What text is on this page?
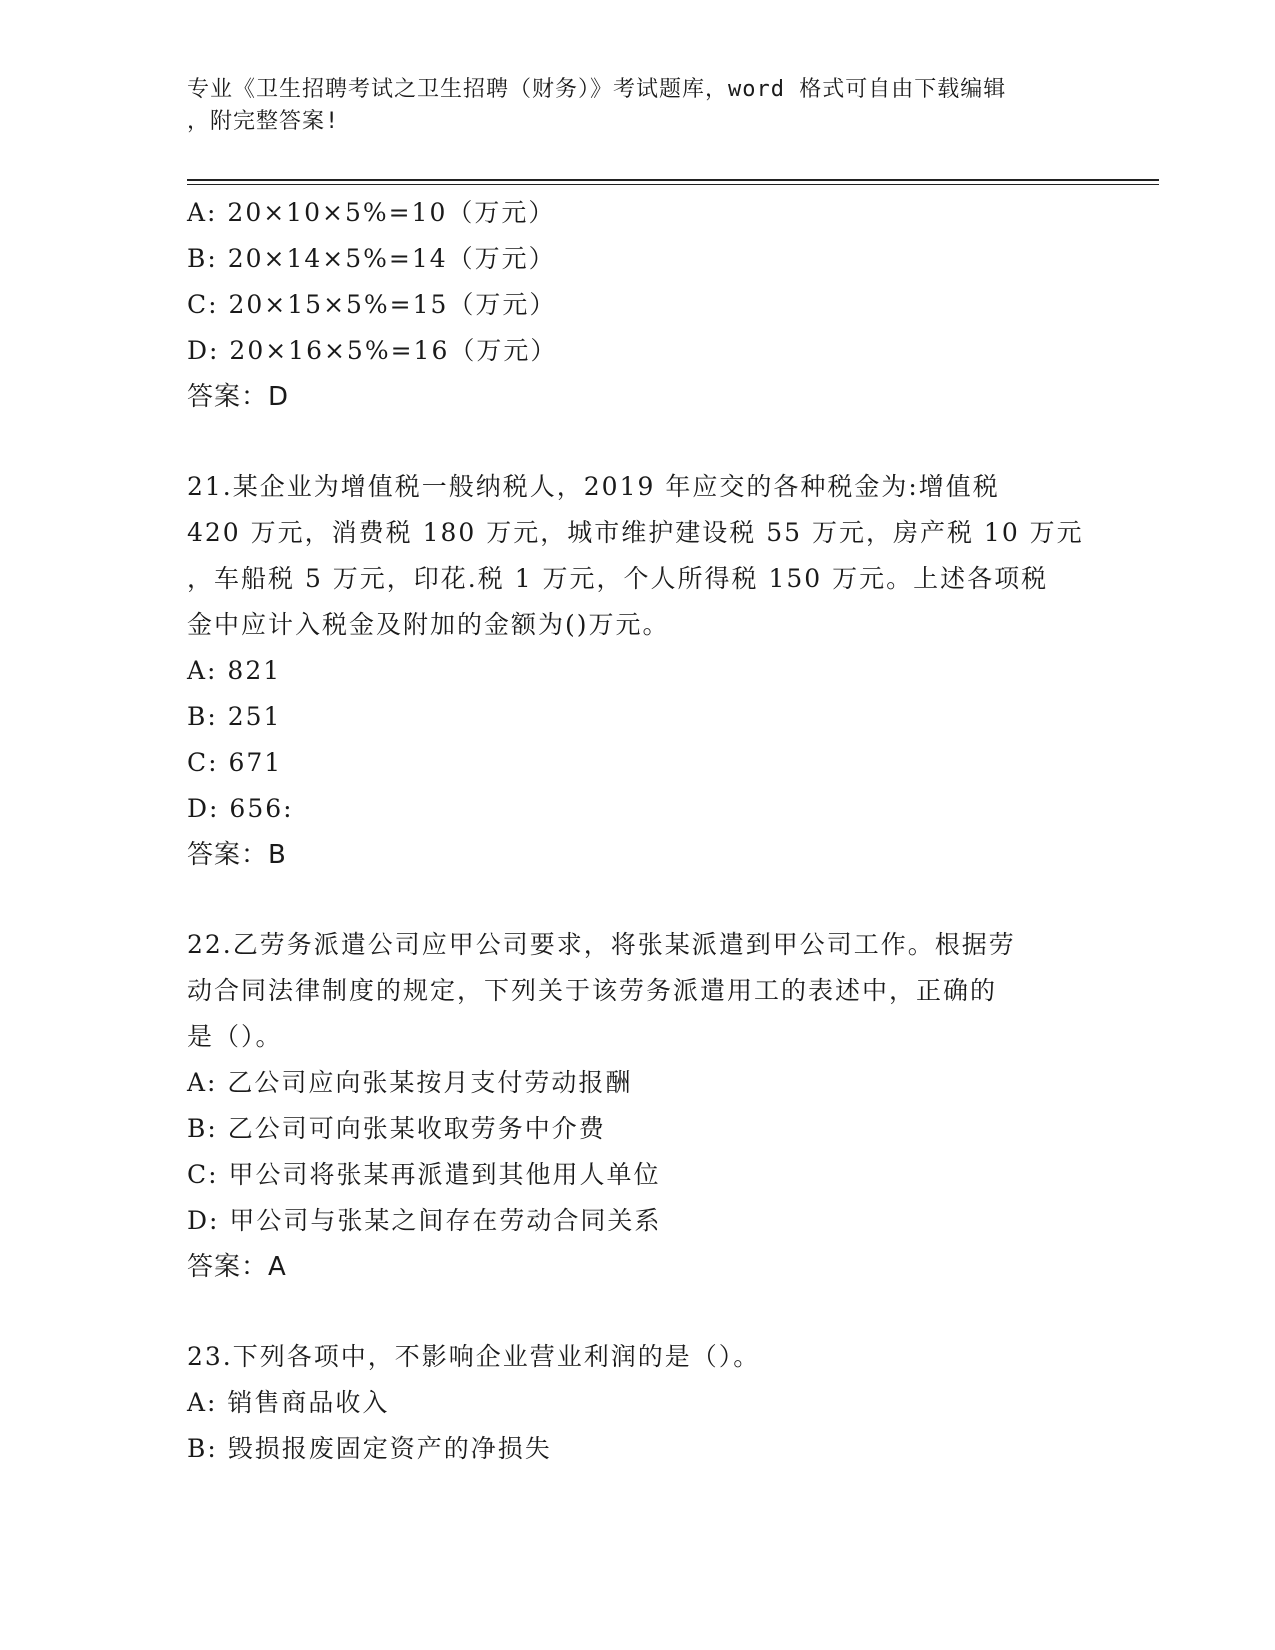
专业《卫生招聘考试之卫生招聘（财务）》考试题库，word 格式可自由下载编辑
，附完整答案!
A: 20×10×5%=10（万元）
B: 20×14×5%=14（万元）
C: 20×15×5%=15（万元）
D: 20×16×5%=16（万元）
答案：D
21.某企业为增值税一般纳税人，2019 年应交的各种税金为:增值税
420 万元，消费税 180 万元，城市维护建设税 55 万元，房产税 10 万元
，车船税 5 万元，印花.税 1 万元，个人所得税 150 万元。上述各项税
金中应计入税金及附加的金额为()万元。
A: 821
B: 251
C: 671
D: 656:
答案：B
22.乙劳务派遣公司应甲公司要求，将张某派遣到甲公司工作。根据劳
动合同法律制度的规定，下列关于该劳务派遣用工的表述中，正确的
是（）。
A: 乙公司应向张某按月支付劳动报酬
B: 乙公司可向张某收取劳务中介费
C: 甲公司将张某再派遣到其他用人单位
D: 甲公司与张某之间存在劳动合同关系
答案：A
23.下列各项中，不影响企业营业利润的是（）。
A: 销售商品收入
B: 毁损报废固定资产的净损失
